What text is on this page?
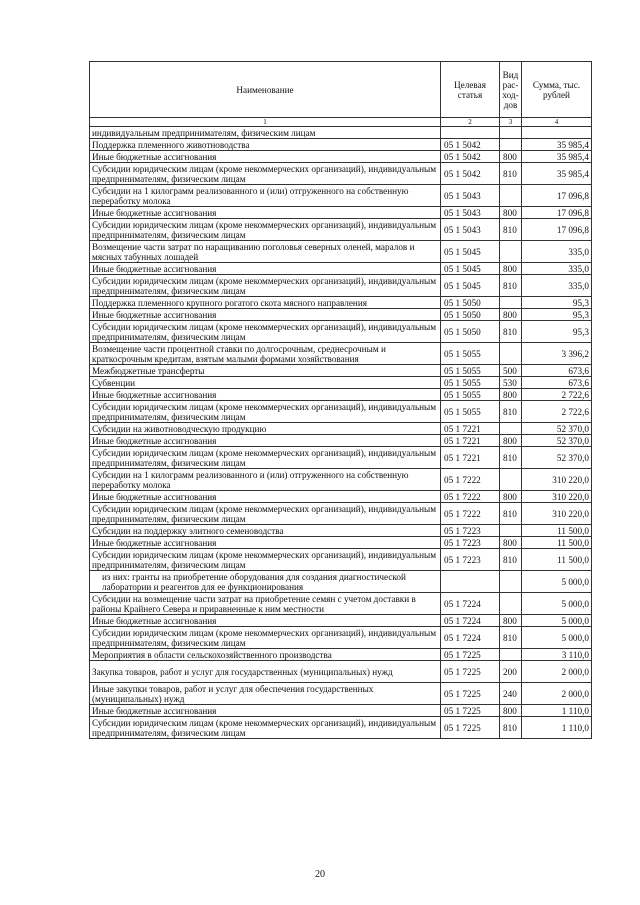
Наименование	Целевая статья	Вид рас-ход-дов	Сумма, тыс. рублей
1	2	3	4
индивидуальным предпринимателям, физическим лицам			
Поддержка племенного животноводства	05 1 5042		35 985,4
Иные бюджетные ассигнования	05 1 5042	800	35 985,4
Субсидии юридическим лицам (кроме некоммерческих организаций), индивидуальным предпринимателям, физическим лицам	05 1 5042	810	35 985,4
Субсидии на 1 килограмм реализованного и (или) отгруженного на собственную переработку молока	05 1 5043		17 096,8
Иные бюджетные ассигнования	05 1 5043	800	17 096,8
Субсидии юридическим лицам (кроме некоммерческих организаций), индивидуальным предпринимателям, физическим лицам	05 1 5043	810	17 096,8
Возмещение части затрат по наращиванию поголовья северных оленей, маралов и мясных табунных лошадей	05 1 5045		335,0
Иные бюджетные ассигнования	05 1 5045	800	335,0
Субсидии юридическим лицам (кроме некоммерческих организаций), индивидуальным предпринимателям, физическим лицам	05 1 5045	810	335,0
Поддержка племенного крупного рогатого скота мясного направления	05 1 5050		95,3
Иные бюджетные ассигнования	05 1 5050	800	95,3
Субсидии юридическим лицам (кроме некоммерческих организаций), индивидуальным предпринимателям, физическим лицам	05 1 5050	810	95,3
Возмещение части процентной ставки по долгосрочным, среднесрочным и краткосрочным кредитам, взятым малыми формами хозяйствования	05 1 5055		3 396,2
Межбюджетные трансферты	05 1 5055	500	673,6
Субвенции	05 1 5055	530	673,6
Иные бюджетные ассигнования	05 1 5055	800	2 722,6
Субсидии юридическим лицам (кроме некоммерческих организаций), индивидуальным предпринимателям, физическим лицам	05 1 5055	810	2 722,6
Субсидии на животноводческую продукцию	05 1 7221		52 370,0
Иные бюджетные ассигнования	05 1 7221	800	52 370,0
Субсидии юридическим лицам (кроме некоммерческих организаций), индивидуальным предпринимателям, физическим лицам	05 1 7221	810	52 370,0
Субсидии на 1 килограмм реализованного и (или) отгруженного на собственную переработку молока	05 1 7222		310 220,0
Иные бюджетные ассигнования	05 1 7222	800	310 220,0
Субсидии юридическим лицам (кроме некоммерческих организаций), индивидуальным предпринимателям, физическим лицам	05 1 7222	810	310 220,0
Субсидии на поддержку элитного семеноводства	05 1 7223		11 500,0
Иные бюджетные ассигнования	05 1 7223	800	11 500,0
Субсидии юридическим лицам (кроме некоммерческих организаций), индивидуальным предпринимателям, физическим лицам	05 1 7223	810	11 500,0
из них: гранты на приобретение оборудования для создания диагностической лаборатории и реагентов для ее функционирования			5 000,0
Субсидии на возмещение части затрат на приобретение семян с учетом доставки в районы Крайнего Севера и приравненные к ним местности	05 1 7224		5 000,0
Иные бюджетные ассигнования	05 1 7224	800	5 000,0
Субсидии юридическим лицам (кроме некоммерческих организаций), индивидуальным предпринимателям, физическим лицам	05 1 7224	810	5 000,0
Мероприятия в области сельскохозяйственного производства	05 1 7225		3 110,0
Закупка товаров, работ и услуг для государственных (муниципальных) нужд	05 1 7225	200	2 000,0
Иные закупки товаров, работ и услуг для обеспечения государственных (муниципальных) нужд	05 1 7225	240	2 000,0
Иные бюджетные ассигнования	05 1 7225	800	1 110,0
Субсидии юридическим лицам (кроме некоммерческих организаций), индивидуальным предпринимателям, физическим лицам	05 1 7225	810	1 110,0
20
